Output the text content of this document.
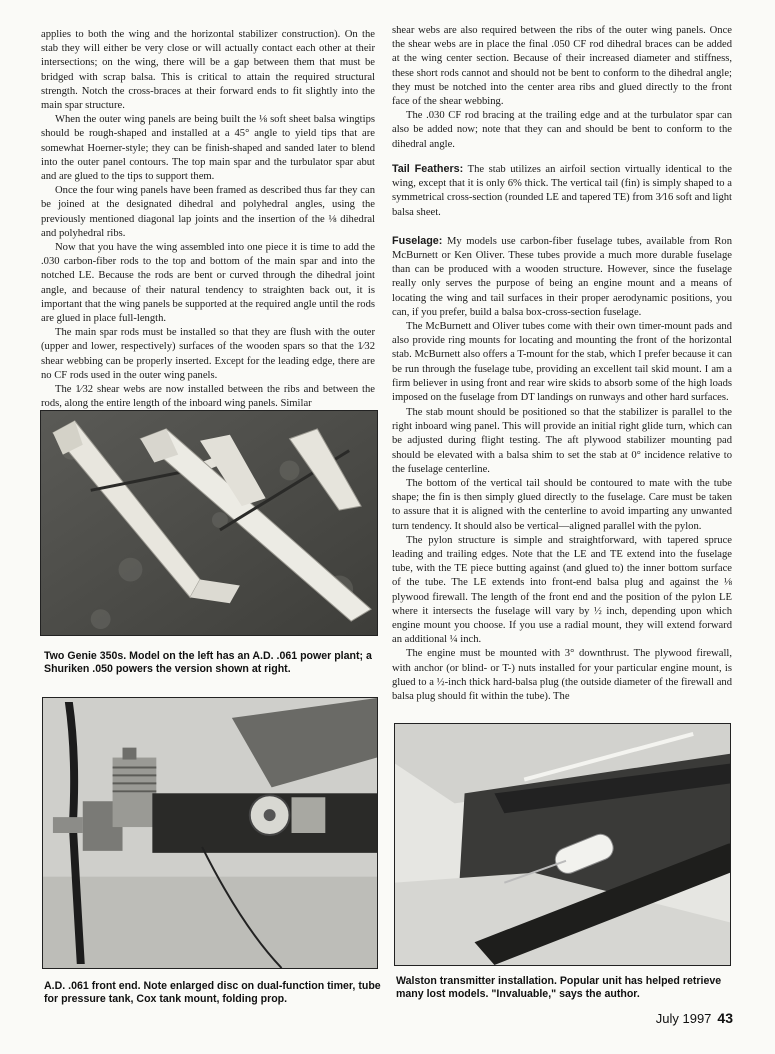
applies to both the wing and the horizontal stabilizer construction). On the stab they will either be very close or will actually contact each other at their intersections; on the wing, there will be a gap between them that must be bridged with scrap balsa. This is critical to attain the required structural strength. Notch the cross-braces at their forward ends to fit slightly into the main spar structure.

When the outer wing panels are being built the ⅛ soft sheet balsa wingtips should be rough-shaped and installed at a 45° angle to yield tips that are somewhat Hoerner-style; they can be finish-shaped and sanded later to blend into the outer panel contours. The top main spar and the turbulator spar abut and are glued to the tips to support them.

Once the four wing panels have been framed as described thus far they can be joined at the designated dihedral and polyhedral angles, using the previously mentioned diagonal lap joints and the insertion of the ⅛ dihedral and polyhedral ribs.

Now that you have the wing assembled into one piece it is time to add the .030 carbon-fiber rods to the top and bottom of the main spar and into the notched LE. Because the rods are bent or curved through the dihedral joint angle, and because of their natural tendency to straighten back out, it is important that the wing panels be supported at the required angle until the rods are glued in place full-length.

The main spar rods must be installed so that they are flush with the outer (upper and lower, respectively) surfaces of the wooden spars so that the 1⁄32 shear webbing can be properly inserted. Except for the leading edge, there are no CF rods used in the outer wing panels.

The 1⁄32 shear webs are now installed between the ribs and between the rods, along the entire length of the inboard wing panels. Similar

shear webs are also required between the ribs of the outer wing panels. Once the shear webs are in place the final .050 CF rod dihedral braces can be added at the wing center section. Because of their increased diameter and stiffness, these short rods cannot and should not be bent to conform to the dihedral angle; they must be notched into the center area ribs and glued directly to the front face of the shear webbing.

The .030 CF rod bracing at the trailing edge and at the turbulator spar can also be added now; note that they can and should be bent to conform to the dihedral angle.

Tail Feathers: The stab utilizes an airfoil section virtually identical to the wing, except that it is only 6% thick. The vertical tail (fin) is simply shaped to a symmetrical cross-section (rounded LE and tapered TE) from 3⁄16 soft and light balsa sheet.

Fuselage: My models use carbon-fiber fuselage tubes, available from Ron McBurnett or Ken Oliver. These tubes provide a much more durable fuselage than can be produced with a wooden structure. However, since the fuselage really only serves the purpose of being an engine mount and a means of locating the wing and tail surfaces in their proper aerodynamic positions, you can, if you prefer, build a balsa box-cross-section fuselage.

The McBurnett and Oliver tubes come with their own timer-mount pads and also provide ring mounts for locating and mounting the front of the horizontal stab. McBurnett also offers a T-mount for the stab, which I prefer because it can be run through the fuselage tube, providing an excellent tail skid mount. I am a firm believer in using front and rear wire skids to absorb some of the high loads imposed on the fuselage from DT landings on runways and other hard surfaces.

The stab mount should be positioned so that the stabilizer is parallel to the right inboard wing panel. This will provide an initial right glide turn, which can be adjusted during flight testing. The aft plywood stabilizer mounting pad should be elevated with a balsa shim to set the stab at 0° incidence relative to the fuselage centerline.

The bottom of the vertical tail should be contoured to mate with the tube shape; the fin is then simply glued directly to the fuselage. Care must be taken to assure that it is aligned with the centerline to avoid imparting any unwanted turn tendency. It should also be vertical—aligned parallel with the pylon.

The pylon structure is simple and straightforward, with tapered spruce leading and trailing edges. Note that the LE and TE extend into the fuselage tube, with the TE piece butting against (and glued to) the inner bottom surface of the tube. The LE extends into front-end balsa plug and against the ⅛ plywood firewall. The length of the front end and the position of the pylon LE where it intersects the fuselage will vary by ½ inch, depending upon which engine mount you choose. If you use a radial mount, they will extend forward an additional ¼ inch.

The engine must be mounted with 3° downthrust. The plywood firewall, with anchor (or blind- or T-) nuts installed for your particular engine mount, is glued to a ½-inch thick hard-balsa plug (the outside diameter of the firewall and balsa plug should fit within the tube). The

Two Genie 350s. Model on the left has an A.D. .061 power plant; a Shuriken .050 powers the version shown at right.
A.D. .061 front end. Note enlarged disc on dual-function timer, tube for pressure tank, Cox tank mount, folding prop.
Walston transmitter installation. Popular unit has helped retrieve many lost models. "Invaluable," says the author.
July 1997 43
